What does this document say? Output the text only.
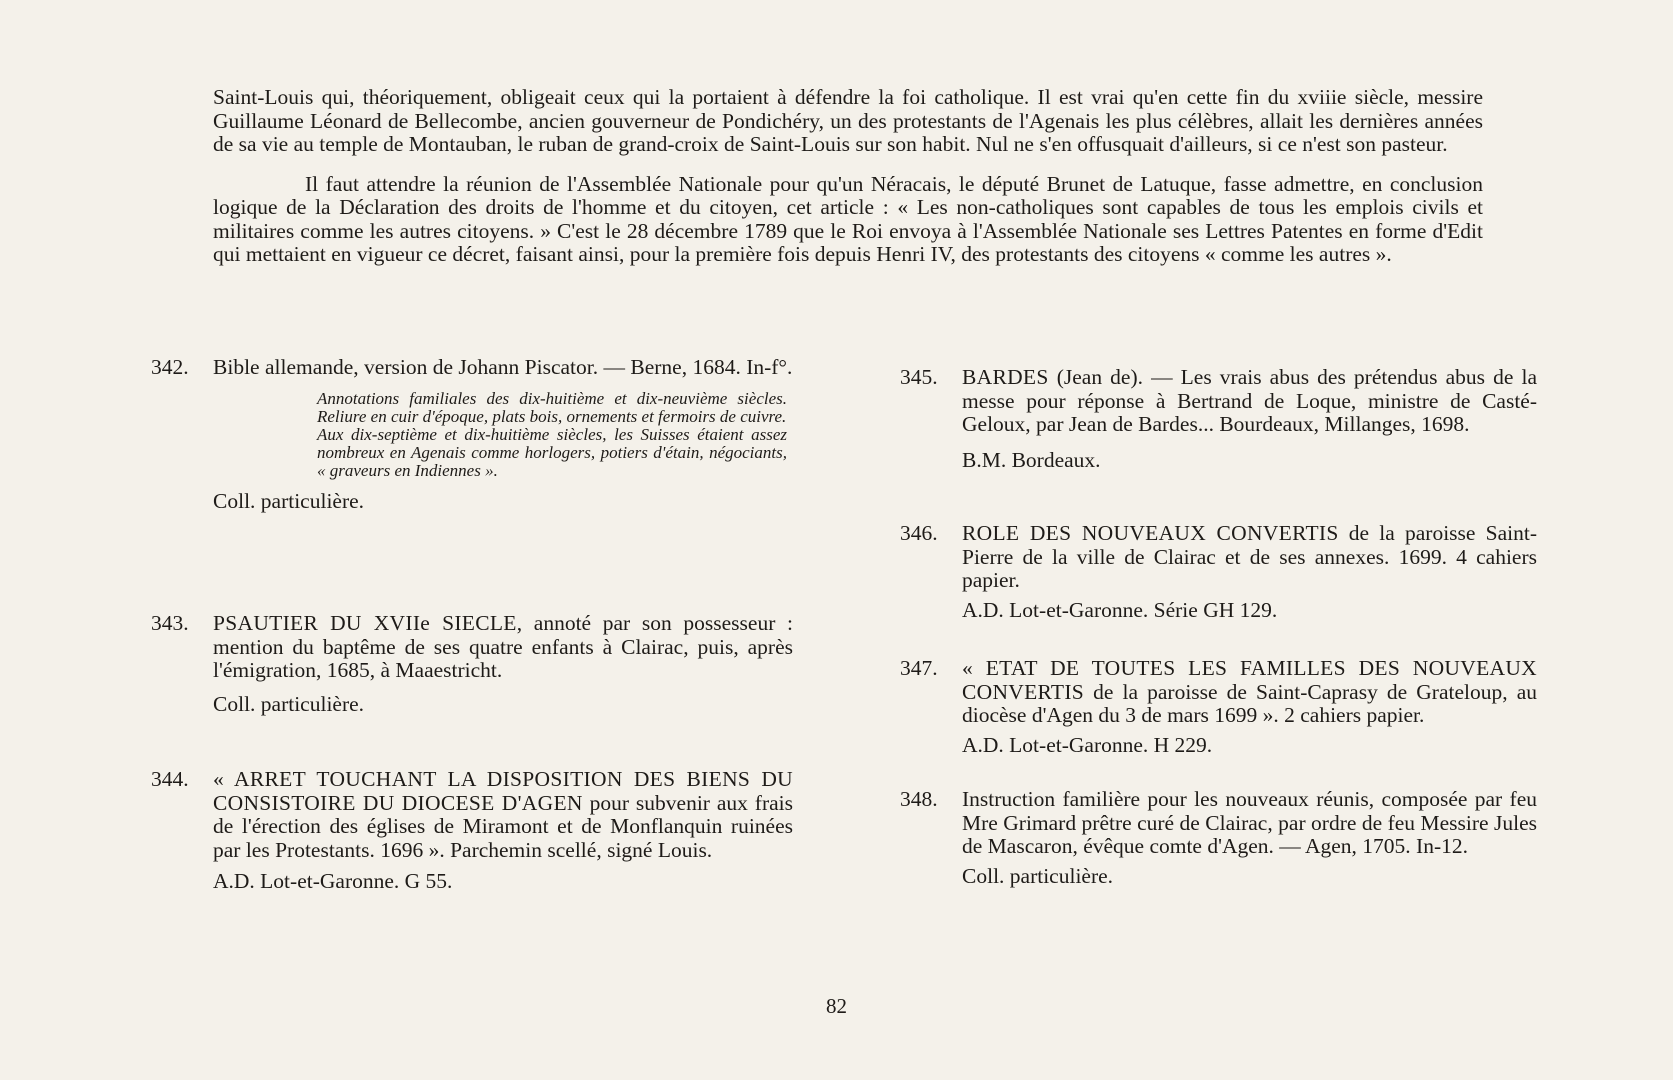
Saint-Louis qui, théoriquement, obligeait ceux qui la portaient à défendre la foi catholique. Il est vrai qu'en cette fin du xviiie siècle, messire Guillaume Léonard de Bellecombe, ancien gouverneur de Pondichéry, un des protestants de l'Agenais les plus célèbres, allait les dernières années de sa vie au temple de Montauban, le ruban de grand-croix de Saint-Louis sur son habit. Nul ne s'en offusquait d'ailleurs, si ce n'est son pasteur.

Il faut attendre la réunion de l'Assemblée Nationale pour qu'un Néracais, le député Brunet de Latuque, fasse admettre, en conclusion logique de la Déclaration des droits de l'homme et du citoyen, cet article : « Les non-catholiques sont capables de tous les emplois civils et militaires comme les autres citoyens. » C'est le 28 décembre 1789 que le Roi envoya à l'Assemblée Nationale ses Lettres Patentes en forme d'Edit qui mettaient en vigueur ce décret, faisant ainsi, pour la première fois depuis Henri IV, des protestants des citoyens « comme les autres ».

342. Bible allemande, version de Johann Piscator. — Berne, 1684. In-f°.

Annotations familiales des dix-huitième et dix-neuvième siècles. Reliure en cuir d'époque, plats bois, ornements et fermoirs de cuivre.

Aux dix-septième et dix-huitième siècles, les Suisses étaient assez nombreux en Agenais comme horlogers, potiers d'étain, négociants, « graveurs en Indiennes ».

Coll. particulière.
343. PSAUTIER DU XVIIe SIECLE, annoté par son possesseur : mention du baptême de ses quatre enfants à Clairac, puis, après l'émigration, 1685, à Maaestricht.
Coll. particulière.
344. « ARRET TOUCHANT LA DISPOSITION DES BIENS DU CONSISTOIRE DU DIOCESE D'AGEN pour subvenir aux frais de l'érection des églises de Miramont et de Monflanquin ruinées par les Protestants. 1696 ». Parchemin scellé, signé Louis.
A.D. Lot-et-Garonne. G 55.
345. BARDES (Jean de). — Les vrais abus des prétendus abus de la messe pour réponse à Bertrand de Loque, ministre de Casté-Geloux, par Jean de Bardes... Bourdeaux, Millanges, 1698.
B.M. Bordeaux.
346. ROLE DES NOUVEAUX CONVERTIS de la paroisse Saint-Pierre de la ville de Clairac et de ses annexes. 1699. 4 cahiers papier.
A.D. Lot-et-Garonne. Série GH 129.
347. « ETAT DE TOUTES LES FAMILLES DES NOUVEAUX CONVERTIS de la paroisse de Saint-Caprasy de Grateloup, au diocèse d'Agen du 3 de mars 1699 ». 2 cahiers papier.
A.D. Lot-et-Garonne. H 229.
348. Instruction familière pour les nouveaux réunis, composée par feu Mre Grimard prêtre curé de Clairac, par ordre de feu Messire Jules de Mascaron, évêque comte d'Agen. — Agen, 1705. In-12.
Coll. particulière.
82
